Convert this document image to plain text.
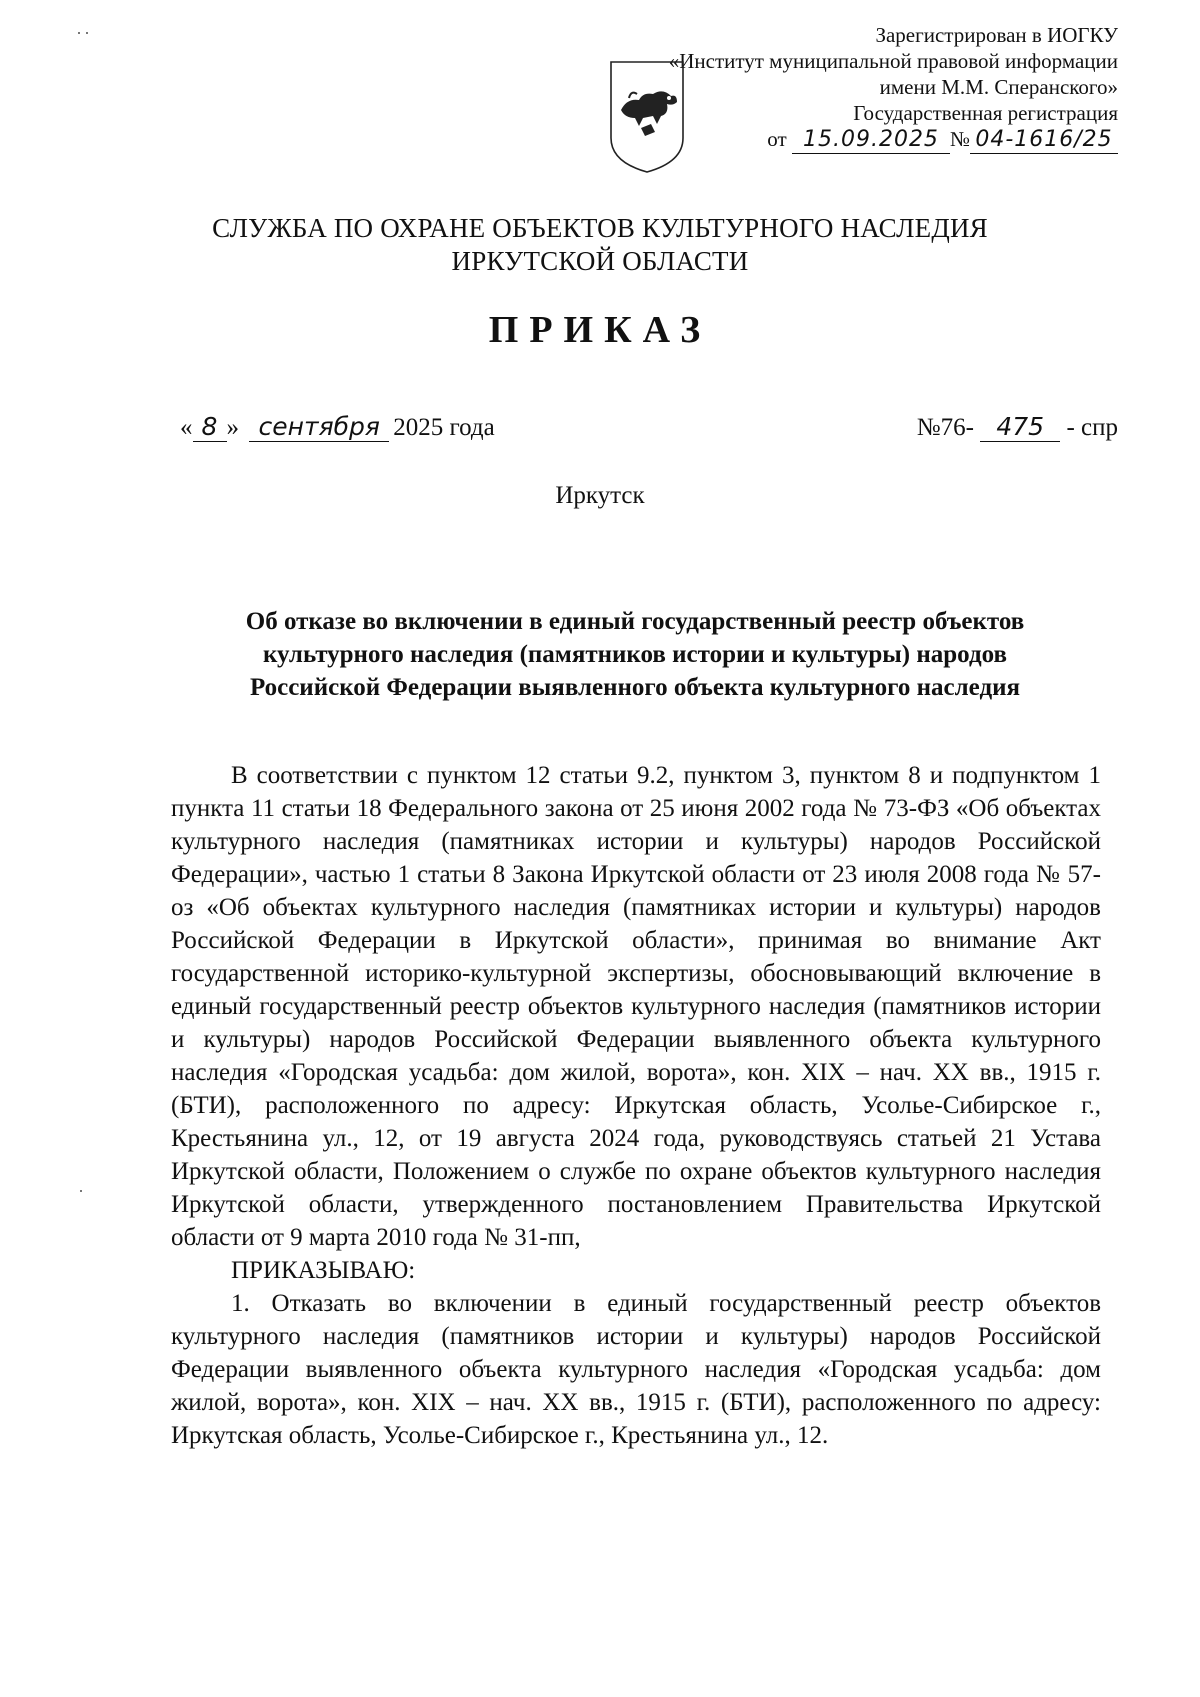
Зарегистрирован в ИОГКУ
«Институт муниципальной правовой информации
имени М.М. Сперанского»
Государственная регистрация
от 15.09.2025 № 04-1616/25
СЛУЖБА ПО ОХРАНЕ ОБЪЕКТОВ КУЛЬТУРНОГО НАСЛЕДИЯ
ИРКУТСКОЙ ОБЛАСТИ
ПРИКАЗ
« 8 » сентября 2025 года	№76- 475 - спр
Иркутск
Об отказе во включении в единый государственный реестр объектов
культурного наследия (памятников истории и культуры) народов
Российской Федерации выявленного объекта культурного наследия

В соответствии с пунктом 12 статьи 9.2, пунктом 3, пунктом 8 и подпунктом 1 пункта 11 статьи 18 Федерального закона от 25 июня 2002 года № 73-ФЗ «Об объектах культурного наследия (памятниках истории и культуры) народов Российской Федерации», частью 1 статьи 8 Закона Иркутской области от 23 июля 2008 года № 57-оз «Об объектах культурного наследия (памятниках истории и культуры) народов Российской Федерации в Иркутской области», принимая во внимание Акт государственной историко-культурной экспертизы, обосновывающий включение в единый государственный реестр объектов культурного наследия (памятников истории и культуры) народов Российской Федерации выявленного объекта культурного наследия «Городская усадьба: дом жилой, ворота», кон. XIX – нач. XX вв., 1915 г. (БТИ), расположенного по адресу: Иркутская область, Усолье-Сибирское г., Крестьянина ул., 12, от 19 августа 2024 года, руководствуясь статьей 21 Устава Иркутской области, Положением о службе по охране объектов культурного наследия Иркутской области, утвержденного постановлением Правительства Иркутской области от 9 марта 2010 года № 31-пп,

ПРИКАЗЫВАЮ:

1. Отказать во включении в единый государственный реестр объектов культурного наследия (памятников истории и культуры) народов Российской Федерации выявленного объекта культурного наследия «Городская усадьба: дом жилой, ворота», кон. XIX – нач. XX вв., 1915 г. (БТИ), расположенного по адресу: Иркутская область, Усолье-Сибирское г., Крестьянина ул., 12.
